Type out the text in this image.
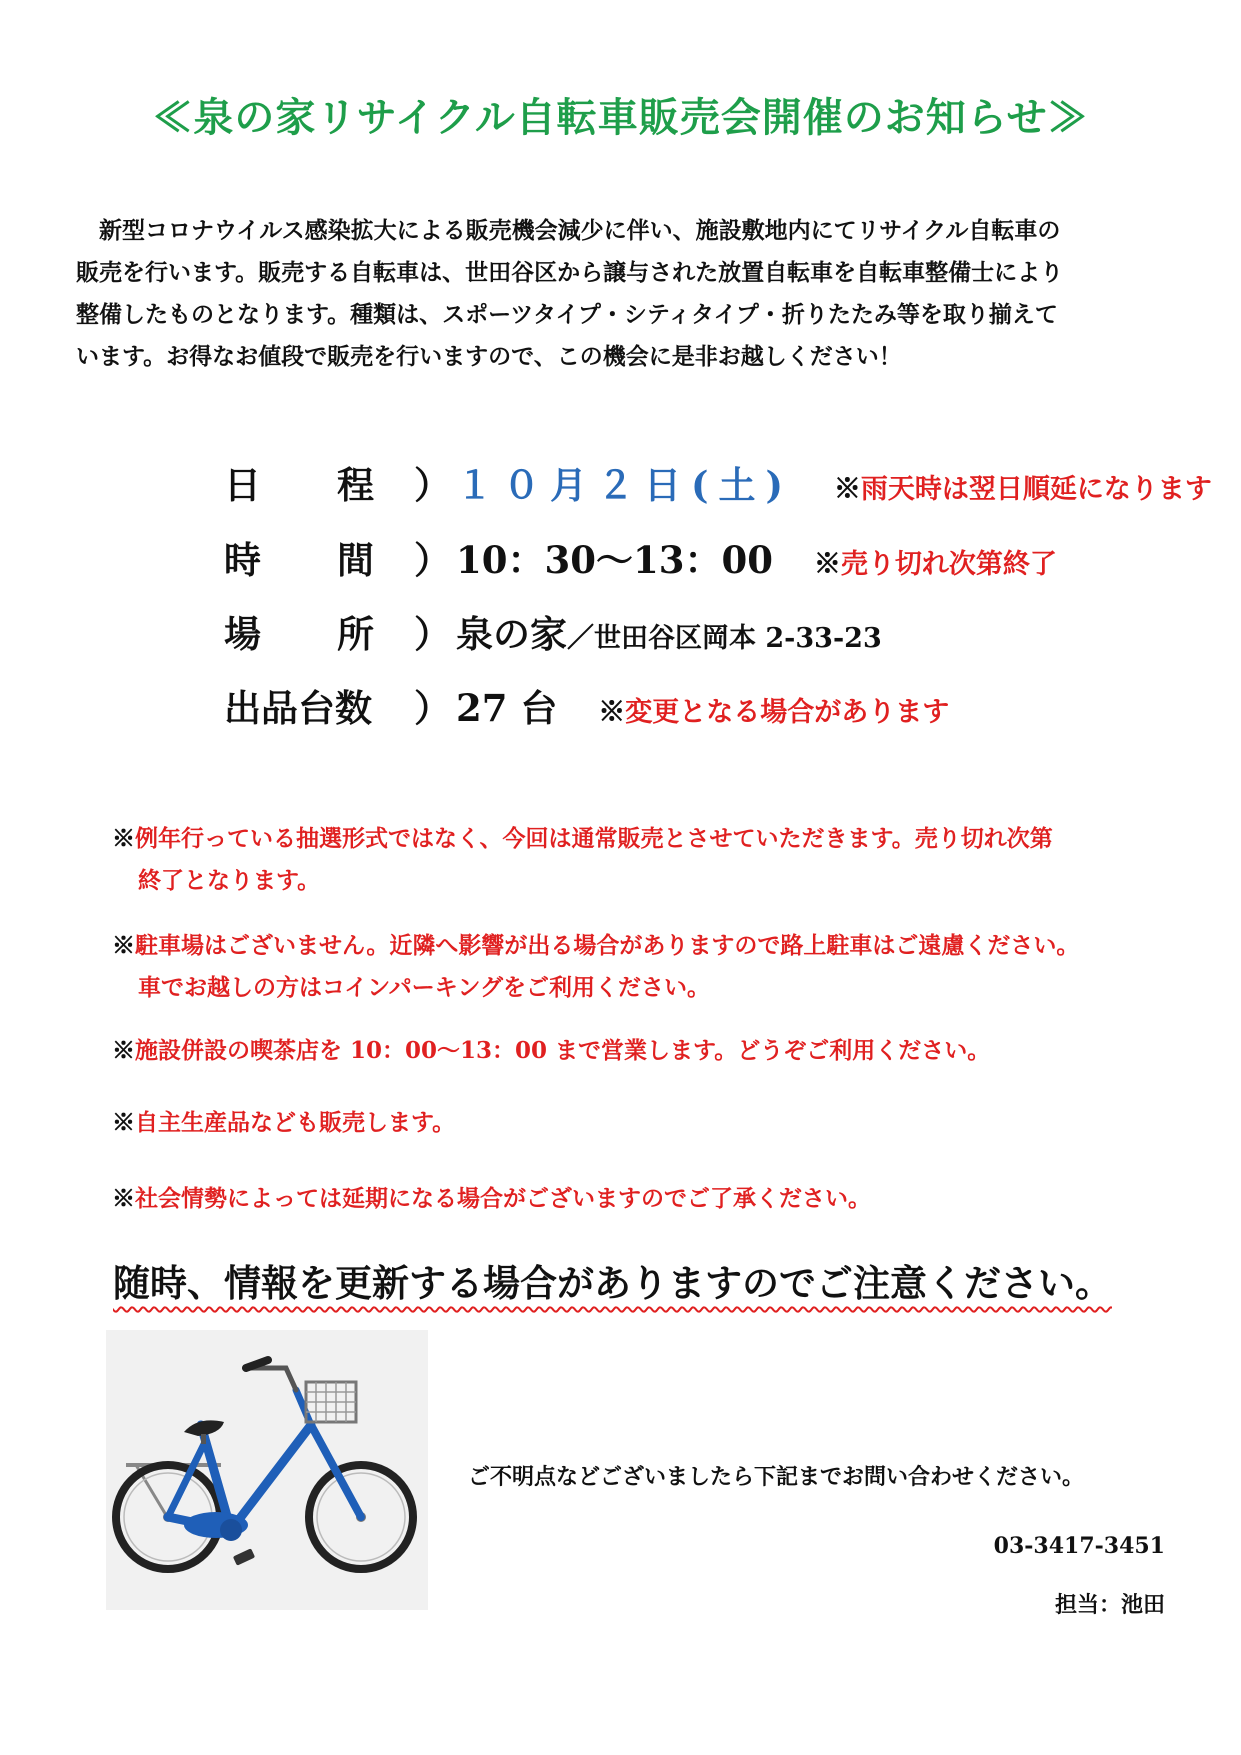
≪泉の家リサイクル自転車販売会開催のお知らせ≫
　新型コロナウイルス感染拡大による販売機会減少に伴い、施設敷地内にてリサイクル自転車の
販売を行います。販売する自転車は、世田谷区から譲与された放置自転車を自転車整備士により
整備したものとなります。種類は、スポーツタイプ・シティタイプ・折りたたみ等を取り揃えて
います。お得なお値段で販売を行いますので、この機会に是非お越しください！
日程 ） １０月２日(土) ※雨天時は翌日順延になります
時間 ） 10：30〜13：00 ※売り切れ次第終了
場所 ） 泉の家／世田谷区岡本 2-33-23
出品台数 ） 27 台 ※変更となる場合があります
※例年行っている抽選形式ではなく、今回は通常販売とさせていただきます。売り切れ次第
終了となります。
※駐車場はございません。近隣へ影響が出る場合がありますので路上駐車はご遠慮ください。
車でお越しの方はコインパーキングをご利用ください。
※施設併設の喫茶店を 10：00〜13：00 まで営業します。どうぞご利用ください。
※自主生産品なども販売します。
※社会情勢によっては延期になる場合がございますのでご了承ください。
随時、情報を更新する場合がありますのでご注意ください。
ご不明点などございましたら下記までお問い合わせください。
03-3417-3451
担当：池田
